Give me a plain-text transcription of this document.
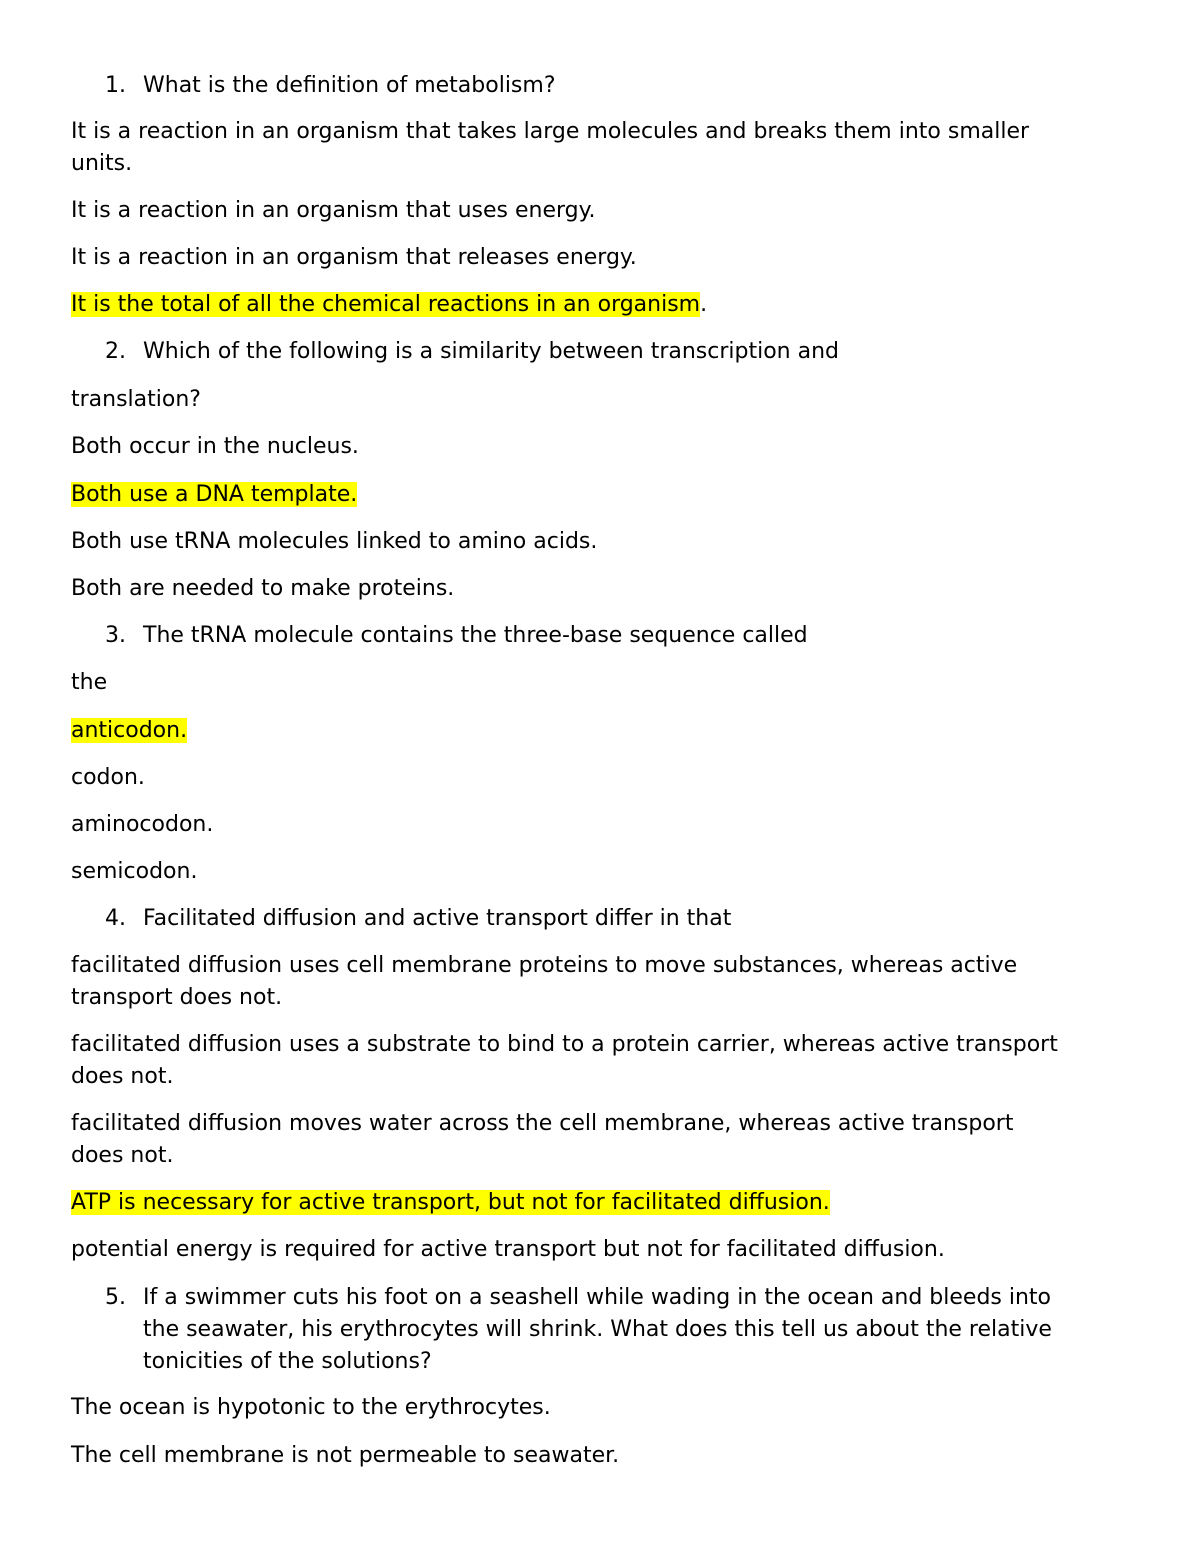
1. What is the definition of metabolism?
It is a reaction in an organism that takes large molecules and breaks them into smaller
units.
It is a reaction in an organism that uses energy.
It is a reaction in an organism that releases energy.
It is the total of all the chemical reactions in an organism.
2. Which of the following is a similarity between transcription and
translation?
Both occur in the nucleus.
Both use a DNA template.
Both use tRNA molecules linked to amino acids.
Both are needed to make proteins.
3. The tRNA molecule contains the three-base sequence called
the
anticodon.
codon.
aminocodon.
semicodon.
4. Facilitated diffusion and active transport differ in that
facilitated diffusion uses cell membrane proteins to move substances, whereas active
transport does not.
facilitated diffusion uses a substrate to bind to a protein carrier, whereas active transport
does not.
facilitated diffusion moves water across the cell membrane, whereas active transport
does not.
ATP is necessary for active transport, but not for facilitated diffusion.
potential energy is required for active transport but not for facilitated diffusion.
5. If a swimmer cuts his foot on a seashell while wading in the ocean and bleeds into
the seawater, his erythrocytes will shrink. What does this tell us about the relative
tonicities of the solutions?
The ocean is hypotonic to the erythrocytes.
The cell membrane is not permeable to seawater.
